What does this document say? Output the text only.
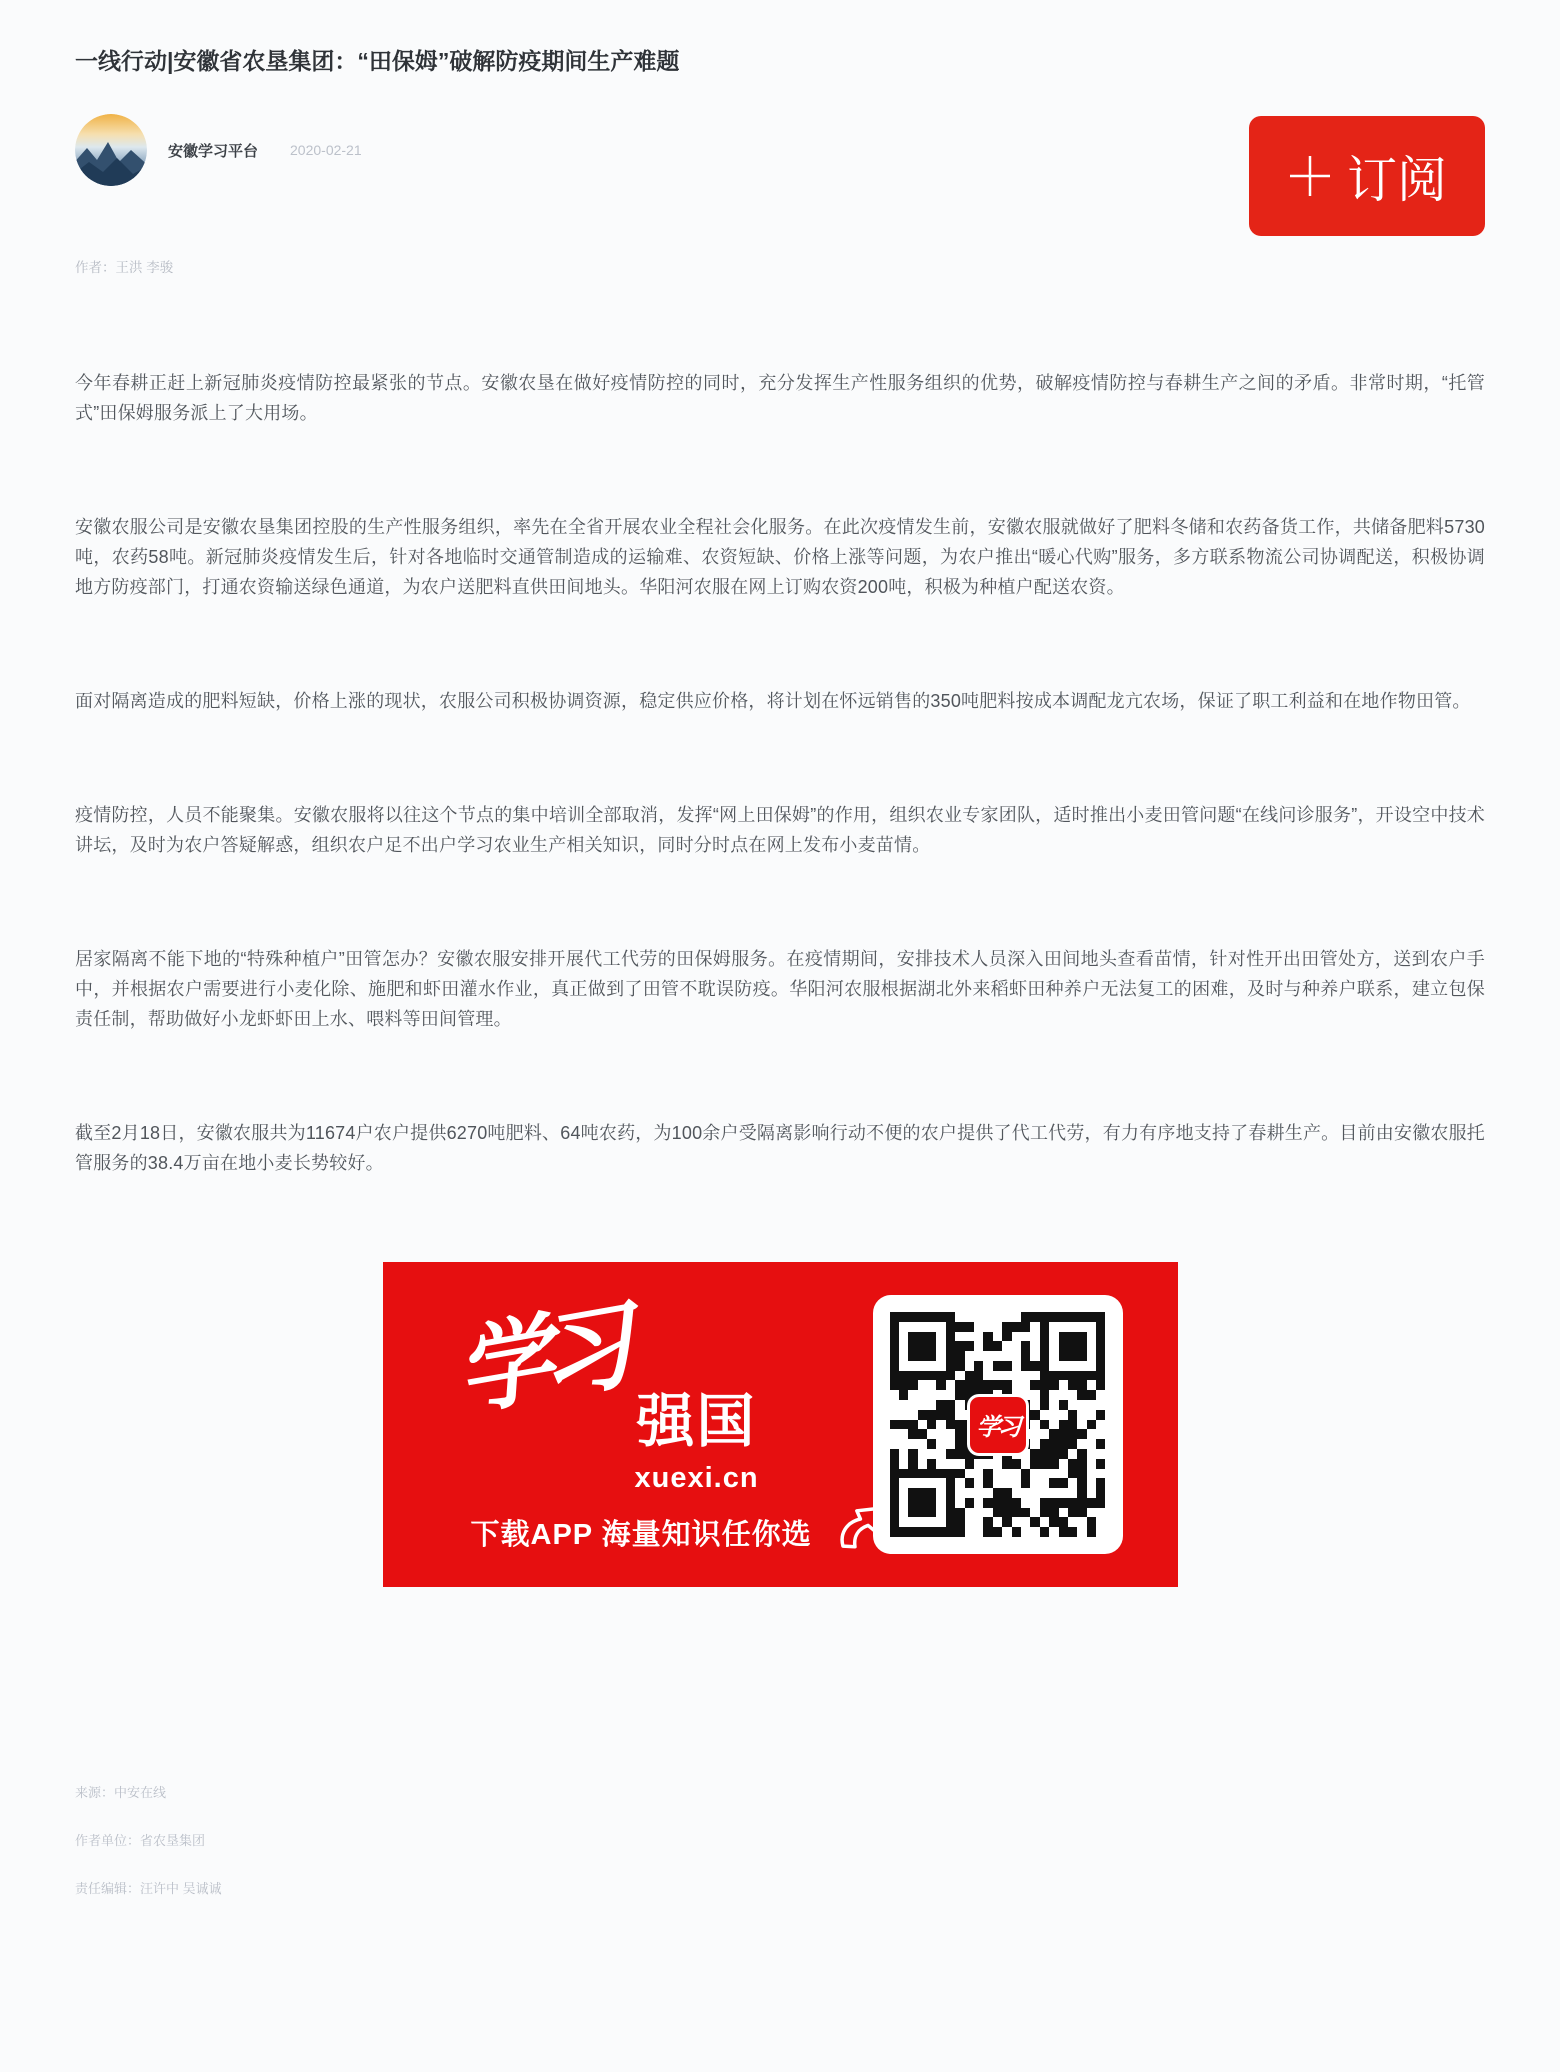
一线行动|安徽省农垦集团：“田保姆”破解防疫期间生产难题
安徽学习平台 2020-02-21
订阅
作者：王洪 李骏

今年春耕正赶上新冠肺炎疫情防控最紧张的节点。安徽农垦在做好疫情防控的同时，充分发挥生产性服务组织的优势，破解疫情防控与春耕生产之间的矛盾。非常时期，“托管式”田保姆服务派上了大用场。

安徽农服公司是安徽农垦集团控股的生产性服务组织，率先在全省开展农业全程社会化服务。在此次疫情发生前，安徽农服就做好了肥料冬储和农药备货工作，共储备肥料5730吨，农药58吨。新冠肺炎疫情发生后，针对各地临时交通管制造成的运输难、农资短缺、价格上涨等问题，为农户推出“暖心代购”服务，多方联系物流公司协调配送，积极协调地方防疫部门，打通农资输送绿色通道，为农户送肥料直供田间地头。华阳河农服在网上订购农资200吨，积极为种植户配送农资。

面对隔离造成的肥料短缺，价格上涨的现状，农服公司积极协调资源，稳定供应价格，将计划在怀远销售的350吨肥料按成本调配龙亢农场，保证了职工利益和在地作物田管。

疫情防控，人员不能聚集。安徽农服将以往这个节点的集中培训全部取消，发挥“网上田保姆”的作用，组织农业专家团队，适时推出小麦田管问题“在线问诊服务”，开设空中技术讲坛，及时为农户答疑解惑，组织农户足不出户学习农业生产相关知识，同时分时点在网上发布小麦苗情。

居家隔离不能下地的“特殊种植户”田管怎办？安徽农服安排开展代工代劳的田保姆服务。在疫情期间，安排技术人员深入田间地头查看苗情，针对性开出田管处方，送到农户手中，并根据农户需要进行小麦化除、施肥和虾田灌水作业，真正做到了田管不耽误防疫。华阳河农服根据湖北外来稻虾田种养户无法复工的困难，及时与种养户联系，建立包保责任制，帮助做好小龙虾虾田上水、喂料等田间管理。

截至2月18日，安徽农服共为11674户农户提供6270吨肥料、64吨农药，为100余户受隔离影响行动不便的农户提供了代工代劳，有力有序地支持了春耕生产。目前由安徽农服托管服务的38.4万亩在地小麦长势较好。

学习 强国
xuexi.cn
下载APP 海量知识任你选
学习
来源：中安在线
作者单位：省农垦集团
责任编辑：汪许中 吴诚诚
